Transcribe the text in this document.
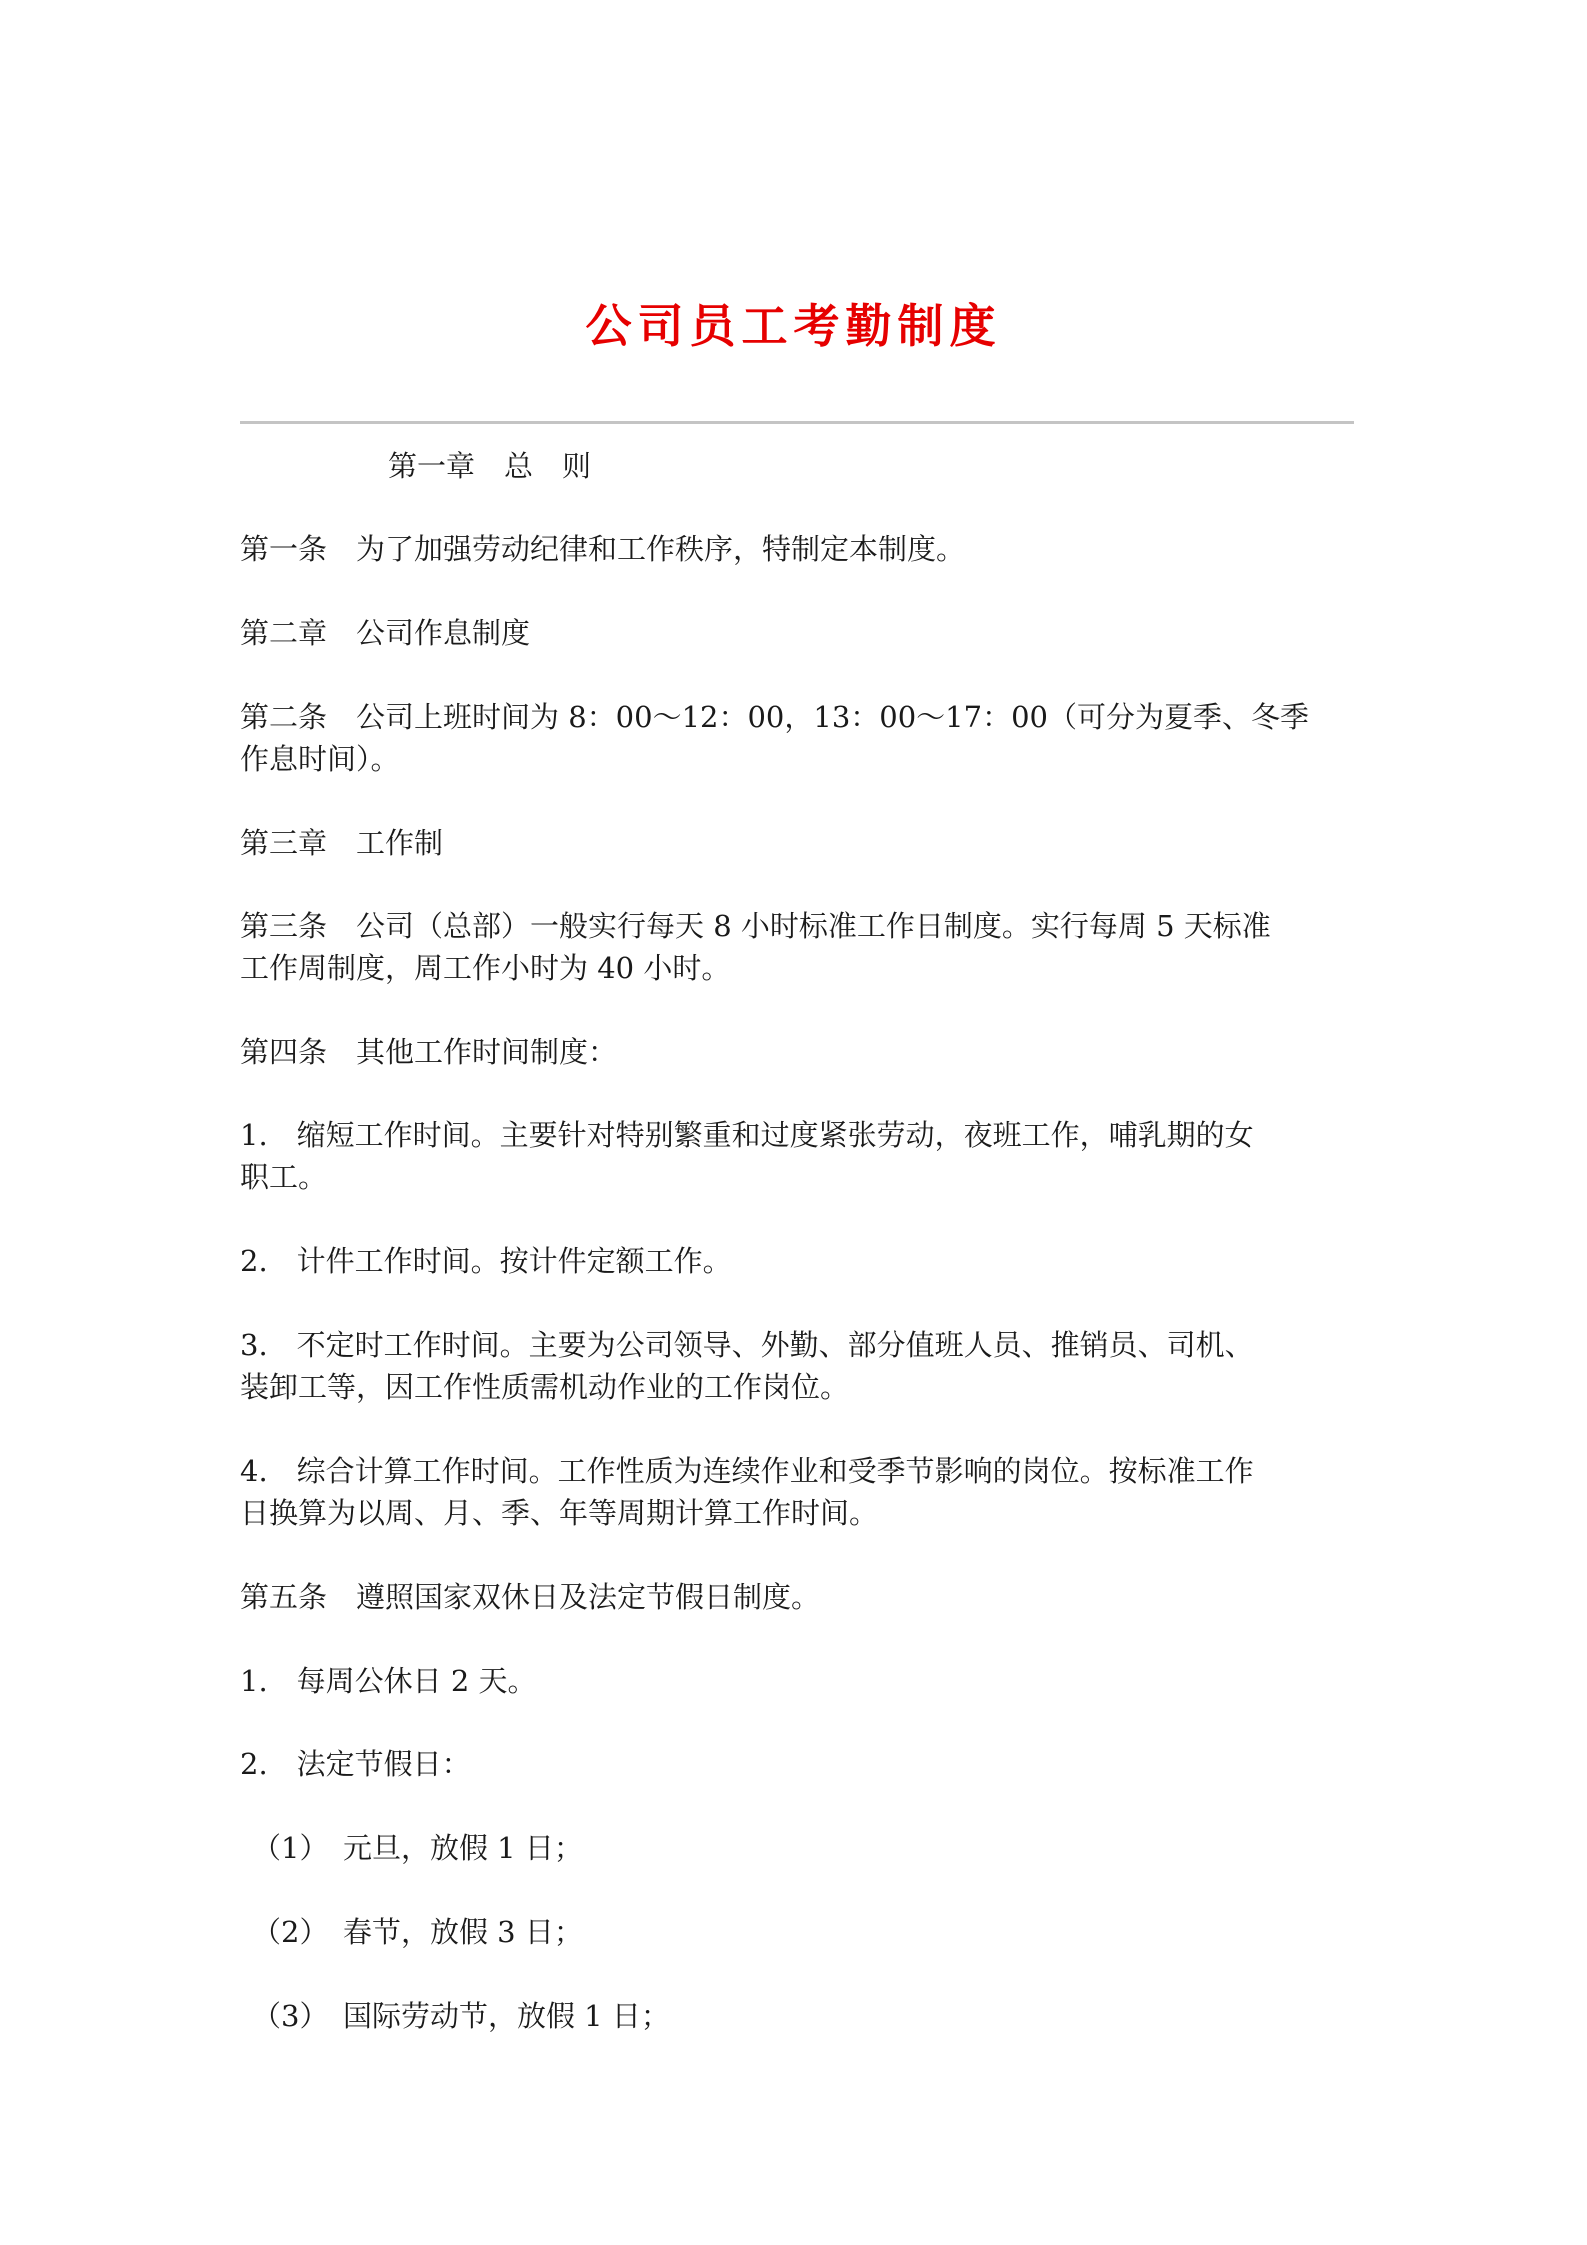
公司员工考勤制度

第一章　总　则

第一条　为了加强劳动纪律和工作秩序，特制定本制度。

第二章　公司作息制度

第二条　公司上班时间为 8：00～12：00，13：00～17：00（可分为夏季、冬季

作息时间）。

第三章　工作制

第三条　公司（总部）一般实行每天 8 小时标准工作日制度。实行每周 5 天标准

工作周制度，周工作小时为 40 小时。

第四条　其他工作时间制度：

1.　缩短工作时间。主要针对特别繁重和过度紧张劳动，夜班工作，哺乳期的女

职工。

2.　计件工作时间。按计件定额工作。

3.　不定时工作时间。主要为公司领导、外勤、部分值班人员、推销员、司机、

装卸工等，因工作性质需机动作业的工作岗位。

4.　综合计算工作时间。工作性质为连续作业和受季节影响的岗位。按标准工作

日换算为以周、月、季、年等周期计算工作时间。

第五条　遵照国家双休日及法定节假日制度。

1.　每周公休日 2 天。

2.　法定节假日：

（1）　元旦，放假 1 日；

（2）　春节，放假 3 日；

（3）　国际劳动节，放假 1 日；
